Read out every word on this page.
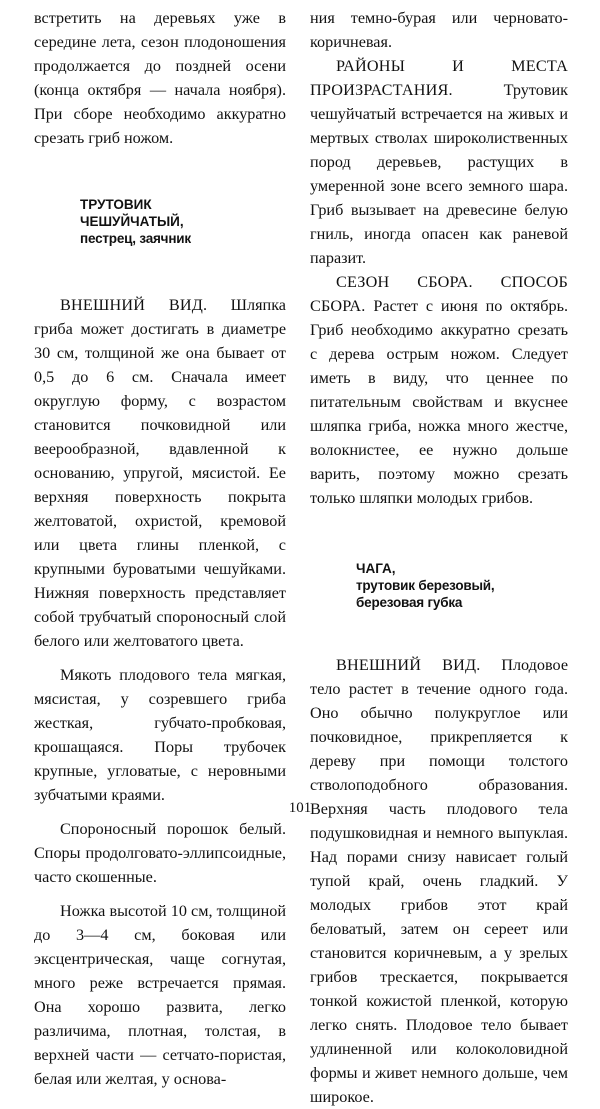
встретить на деревьях уже в середине лета, сезон плодоношения продолжается до поздней осени (конца октября — начала ноября). При сборе необходимо аккуратно срезать гриб ножом.

ТРУТОВИК
ЧЕШУЙЧАТЫЙ,
пестрец, заячник

ВНЕШНИЙ ВИД. Шляпка гриба может достигать в диаметре 30 см, толщиной же она бывает от 0,5 до 6 см. Сначала имеет округлую форму, с возрастом становится почковидной или веерообразной, вдавленной к основанию, упругой, мясистой. Ее верхняя поверхность покрыта желтоватой, охристой, кремовой или цвета глины пленкой, с крупными буроватыми чешуйками. Нижняя поверхность представляет собой трубчатый спороносный слой белого или желтоватого цвета.

Мякоть плодового тела мягкая, мясистая, у созревшего гриба жесткая, губчато-пробковая, крошащаяся. Поры трубочек крупные, угловатые, с неровными зубчатыми краями.

Спороносный порошок белый. Споры продолговато-эллипсоидные, часто скошенные.

Ножка высотой 10 см, толщиной до 3—4 см, боковая или эксцентрическая, чаще согнутая, много реже встречается прямая. Она хорошо развита, легко различима, плотная, толстая, в верхней части — сетчато-пористая, белая или желтая, у основа-

ния темно-бурая или черновато-коричневая.

РАЙОНЫ И МЕСТА ПРОИЗРАСТАНИЯ.	Трутовик чешуйчатый встречается на живых и мертвых стволах широколиственных пород деревьев, растущих в умеренной зоне всего земного шара. Гриб вызывает на древесине белую гниль, иногда опасен как раневой паразит.

СЕЗОН СБОРА. СПОСОБ СБОРА. Растет с июня по октябрь. Гриб необходимо аккуратно срезать с дерева острым ножом. Следует иметь в виду, что ценнее по питательным свойствам и вкуснее шляпка гриба, ножка много жестче, волокнистее, ее нужно дольше варить, поэтому можно срезать только шляпки молодых грибов.

ЧАГА,
трутовик березовый,
березовая губка

ВНЕШНИЙ ВИД. Плодовое тело растет в течение одного года. Оно обычно полукруглое или почковидное, прикрепляется к дереву при помощи толстого стволоподобного образования. Верхняя часть плодового тела подушковидная и немного выпуклая. Над порами снизу нависает голый тупой край, очень гладкий. У молодых грибов этот край беловатый, затем он сереет или становится коричневым, а у зрелых грибов трескается, покрывается тонкой кожистой пленкой, которую легко снять. Плодовое тело бывает удлиненной или колоколовидной формы и живет немного дольше, чем широкое.

101
